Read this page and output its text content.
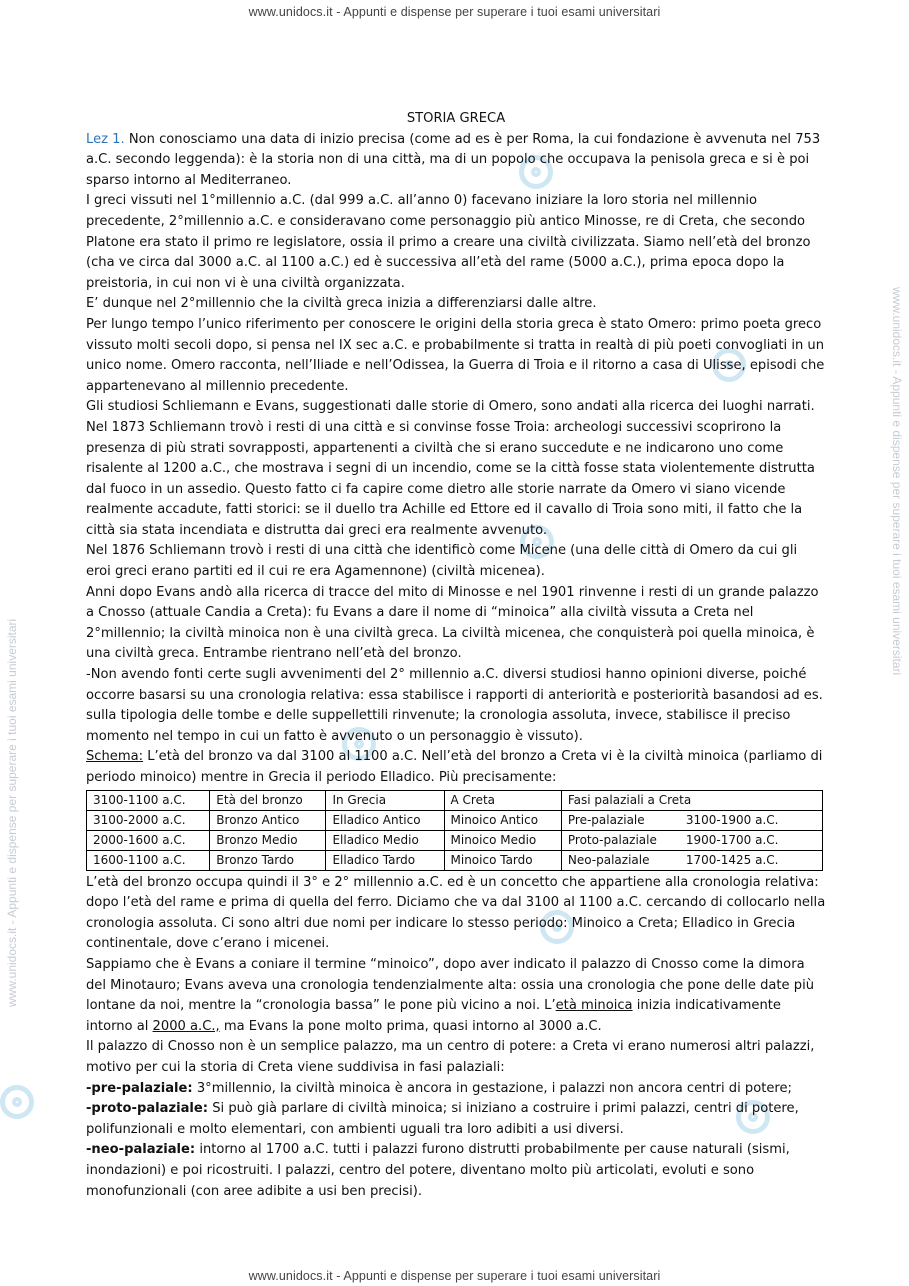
www.unidocs.it - Appunti e dispense per superare i tuoi esami universitari
www.unidocs.it - Appunti e dispense per superare i tuoi esami universitari
www.unidocs.it - Appunti e dispense per superare i tuoi esami universitari

STORIA GRECA

Lez 1. Non conosciamo una data di inizio precisa (come ad es è per Roma, la cui fondazione è avvenuta nel 753 a.C. secondo leggenda): è la storia non di una città, ma di un popolo che occupava la penisola greca e si è poi sparso intorno al Mediterraneo.

I greci vissuti nel 1°millennio a.C. (dal 999 a.C. all’anno 0) facevano iniziare la loro storia nel millennio precedente, 2°millennio a.C. e consideravano come personaggio più antico Minosse, re di Creta, che secondo Platone era stato il primo re legislatore, ossia il primo a creare una civiltà civilizzata. Siamo nell’età del bronzo (cha ve circa dal 3000 a.C. al 1100 a.C.) ed è successiva all’età del rame (5000 a.C.), prima epoca dopo la preistoria, in cui non vi è una civiltà organizzata.

E’ dunque nel 2°millennio che la civiltà greca inizia a differenziarsi dalle altre.

Per lungo tempo l’unico riferimento per conoscere le origini della storia greca è stato Omero: primo poeta greco vissuto molti secoli dopo, si pensa nel IX sec a.C. e probabilmente si tratta in realtà di più poeti convogliati in un unico nome. Omero racconta, nell’Iliade e nell’Odissea, la Guerra di Troia e il ritorno a casa di Ulisse, episodi che appartenevano al millennio precedente.

Gli studiosi Schliemann e Evans, suggestionati dalle storie di Omero, sono andati alla ricerca dei luoghi narrati. Nel 1873 Schliemann trovò i resti di una città e si convinse fosse Troia: archeologi successivi scoprirono la presenza di più strati sovrapposti, appartenenti a civiltà che si erano succedute e ne indicarono uno come risalente al 1200 a.C., che mostrava i segni di un incendio, come se la città fosse stata violentemente distrutta dal fuoco in un assedio. Questo fatto ci fa capire come dietro alle storie narrate da Omero vi siano vicende realmente accadute, fatti storici: se il duello tra Achille ed Ettore ed il cavallo di Troia sono miti, il fatto che la città sia stata incendiata e distrutta dai greci era realmente avvenuto.

Nel 1876 Schliemann trovò i resti di una città che identificò come Micene (una delle città di Omero da cui gli eroi greci erano partiti ed il cui re era Agamennone) (civiltà micenea).

Anni dopo Evans andò alla ricerca di tracce del mito di Minosse e nel 1901 rinvenne i resti di un grande palazzo a Cnosso (attuale Candia a Creta): fu Evans a dare il nome di “minoica” alla civiltà vissuta a Creta nel 2°millennio; la civiltà minoica non è una civiltà greca. La civiltà micenea, che conquisterà poi quella minoica, è una civiltà greca. Entrambe rientrano nell’età del bronzo.

-Non avendo fonti certe sugli avvenimenti del 2° millennio a.C. diversi studiosi hanno opinioni diverse, poiché occorre basarsi su una cronologia relativa: essa stabilisce i rapporti di anteriorità e posteriorità basandosi ad es. sulla tipologia delle tombe e delle suppellettili rinvenute; la cronologia assoluta, invece, stabilisce il preciso momento nel tempo in cui un fatto è avvenuto o un personaggio è vissuto).

Schema: L’età del bronzo va dal 3100 al 1100 a.C. Nell’età del bronzo a Creta vi è la civiltà minoica (parliamo di periodo minoico) mentre in Grecia il periodo Elladico. Più precisamente:

3100-1100 a.C.	Età del bronzo	In Grecia	A Creta	Fasi palaziali a Creta
3100-2000 a.C.	Bronzo Antico	Elladico Antico	Minoico Antico	Pre-palaziale 3100-1900 a.C.
2000-1600 a.C.	Bronzo Medio	Elladico Medio	Minoico Medio	Proto-palaziale 1900-1700 a.C.
1600-1100 a.C.	Bronzo Tardo	Elladico Tardo	Minoico Tardo	Neo-palaziale 1700-1425 a.C.

L’età del bronzo occupa quindi il 3° e 2° millennio a.C. ed è un concetto che appartiene alla cronologia relativa: dopo l’età del rame e prima di quella del ferro. Diciamo che va dal 3100 al 1100 a.C. cercando di collocarlo nella cronologia assoluta. Ci sono altri due nomi per indicare lo stesso periodo: Minoico a Creta; Elladico in Grecia continentale, dove c’erano i micenei.

Sappiamo che è Evans a coniare il termine “minoico”, dopo aver indicato il palazzo di Cnosso come la dimora del Minotauro; Evans aveva una cronologia tendenzialmente alta: ossia una cronologia che pone delle date più lontane da noi, mentre la “cronologia bassa” le pone più vicino a noi. L’età minoica inizia indicativamente intorno al 2000 a.C., ma Evans la pone molto prima, quasi intorno al 3000 a.C.

Il palazzo di Cnosso non è un semplice palazzo, ma un centro di potere: a Creta vi erano numerosi altri palazzi, motivo per cui la storia di Creta viene suddivisa in fasi palaziali:

-pre-palaziale: 3°millennio, la civiltà minoica è ancora in gestazione, i palazzi non ancora centri di potere;

-proto-palaziale: Si può già parlare di civiltà minoica; si iniziano a costruire i primi palazzi, centri di potere, polifunzionali e molto elementari, con ambienti uguali tra loro adibiti a usi diversi.

-neo-palaziale: intorno al 1700 a.C. tutti i palazzi furono distrutti probabilmente per cause naturali (sismi, inondazioni) e poi ricostruiti. I palazzi, centro del potere, diventano molto più articolati, evoluti e sono monofunzionali (con aree adibite a usi ben precisi).

www.unidocs.it - Appunti e dispense per superare i tuoi esami universitari
